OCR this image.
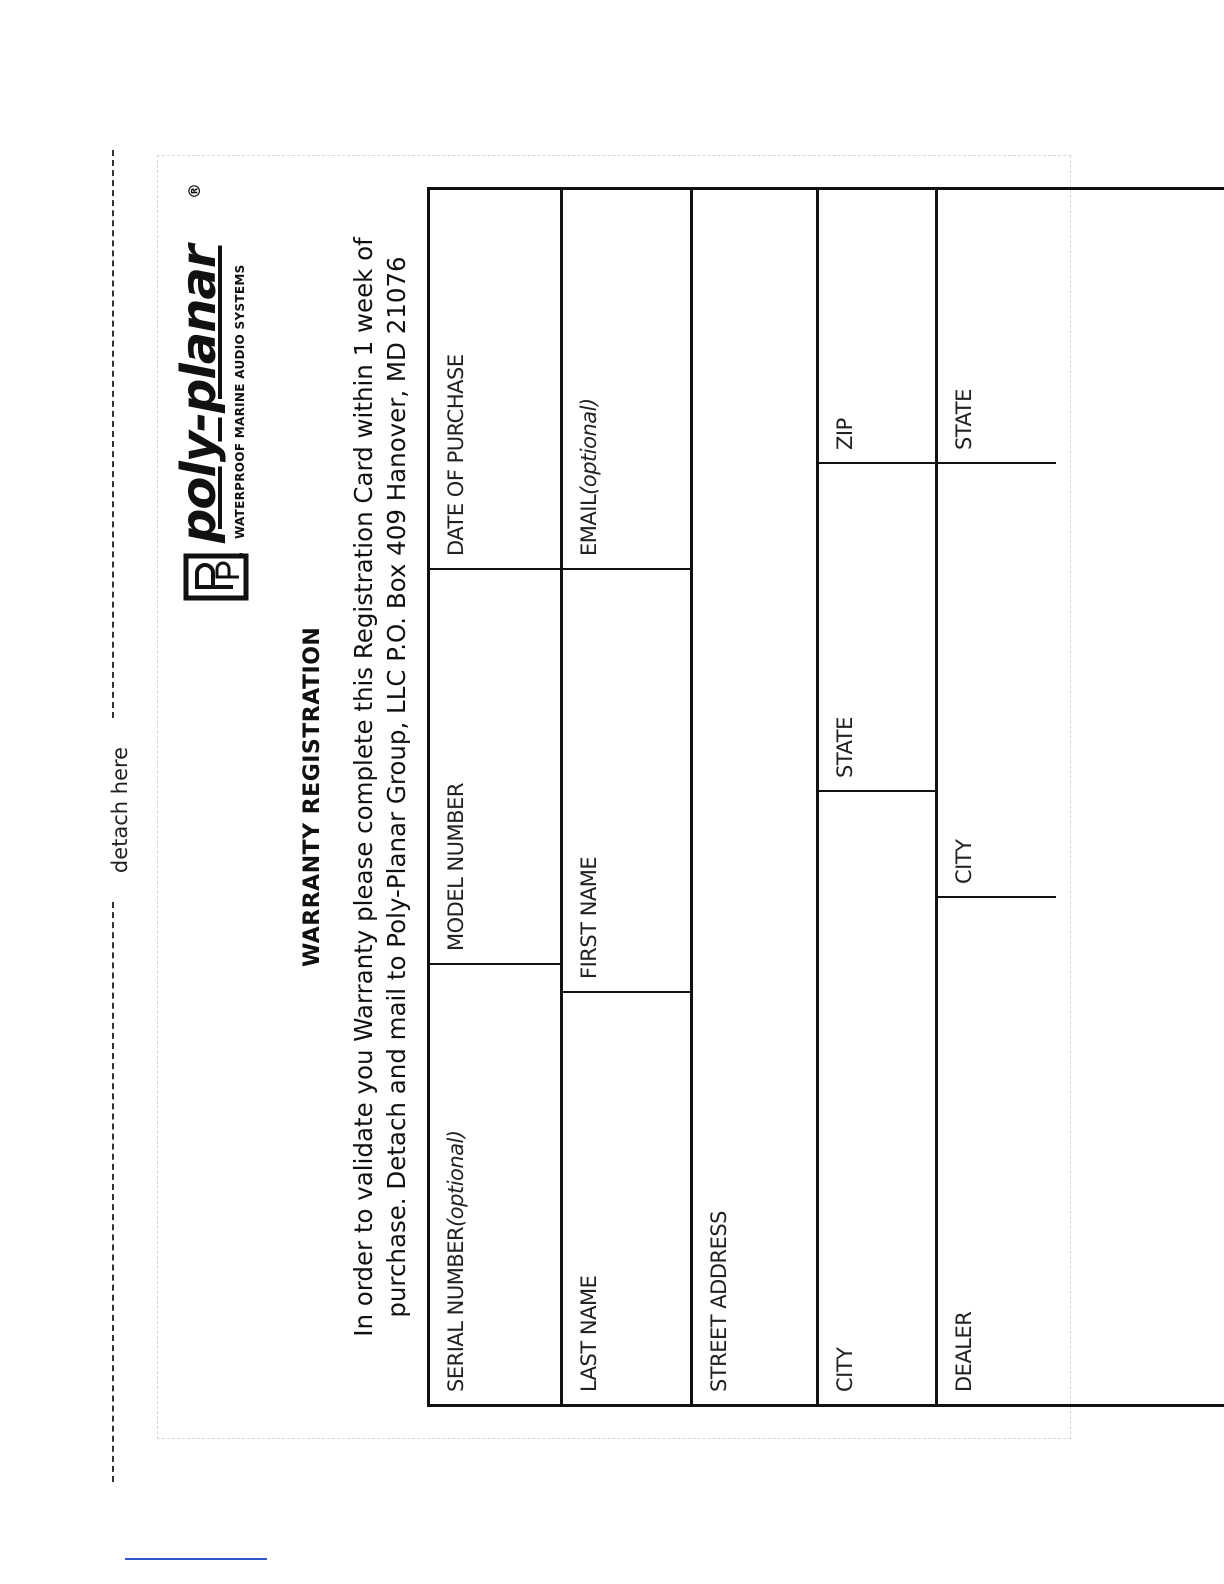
detach here
poly-planar
®
WATERPROOF MARINE AUDIO SYSTEMS
WARRANTY REGISTRATION In order to validate you Warranty please complete this Registration Card within 1 week of purchase. Detach and mail to Poly-Planar Group, LLC P.O. Box 409 Hanover, MD 21076 SERIAL NUMBER(optional)
MODEL NUMBER
DATE OF PURCHASE
LAST NAME
FIRST NAME
EMAIL(optional)
STREET ADDRESS	CITY
STATE
ZIP
DEALER
CITY
STATE
